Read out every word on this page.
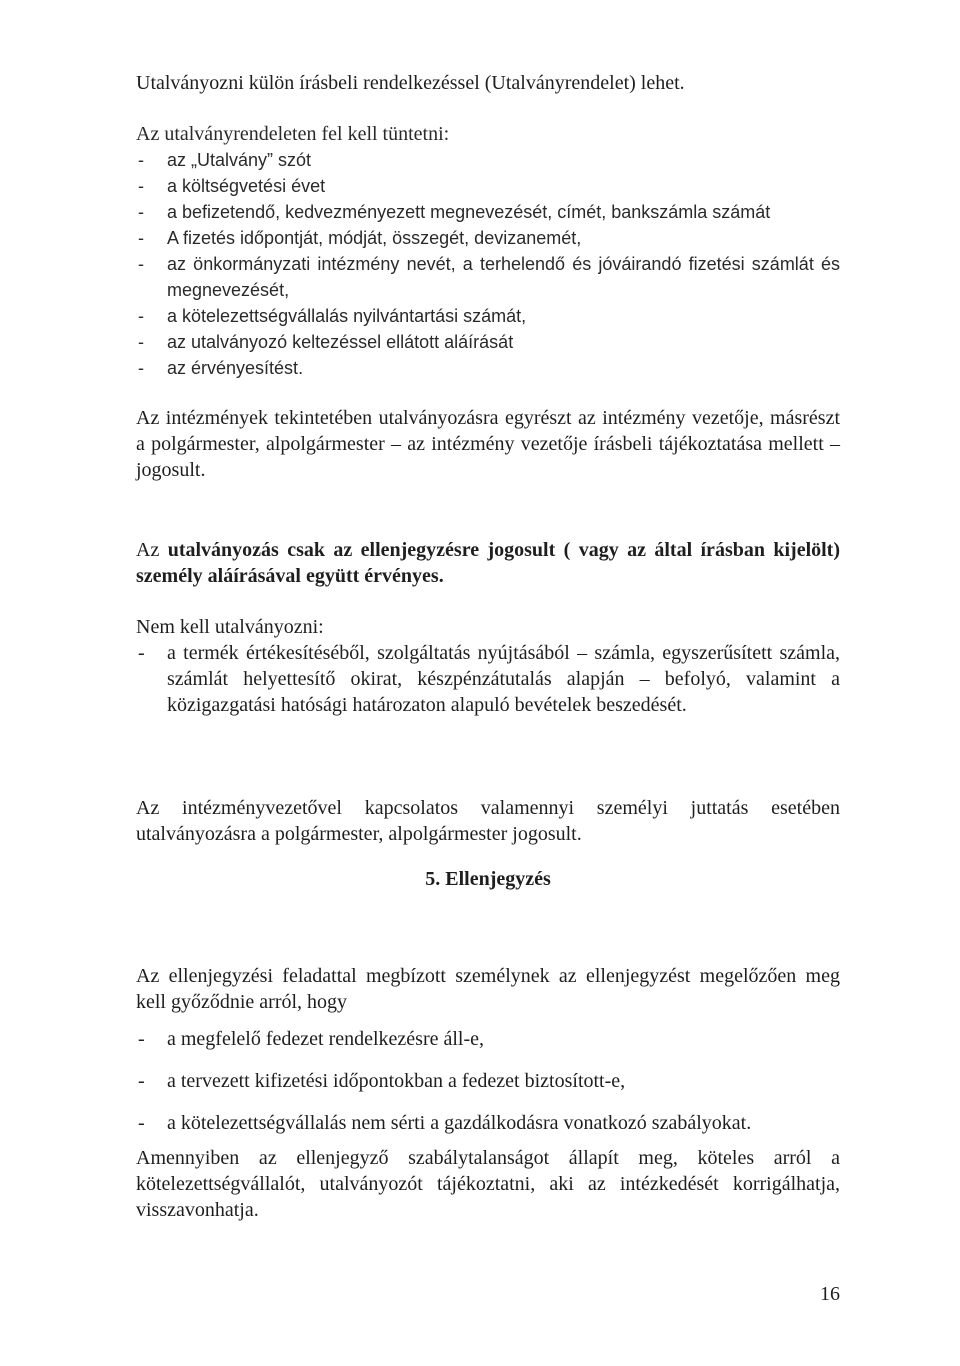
Utalványozni külön írásbeli rendelkezéssel (Utalványrendelet) lehet.

Az utalványrendeleten fel kell tüntetni:
- az „Utalvány” szót
- a költségvetési évet
- a befizetendő, kedvezményezett megnevezését, címét, bankszámla számát
- A fizetés időpontját, módját, összegét, devizanemét,
- az önkormányzati intézmény nevét, a terhelendő és jóváirandó fizetési számlát és megnevezését,
- a kötelezettségvállalás nyilvántartási számát,
- az utalványozó keltezéssel ellátott aláírását
- az érvényesítést.

Az intézmények tekintetében utalványozásra egyrészt az intézmény vezetője, másrészt a polgármester, alpolgármester – az intézmény vezetője írásbeli tájékoztatása mellett – jogosult.

Az utalványozás csak az ellenjegyzésre jogosult ( vagy az által írásban kijelölt) személy aláírásával együtt érvényes.

Nem kell utalványozni:
- a termék értékesítéséből, szolgáltatás nyújtásából – számla, egyszerűsített számla, számlát helyettesítő okirat, készpénzátutalás alapján – befolyó, valamint a közigazgatási hatósági határozaton alapuló bevételek beszedését.

Az intézményvezetővel kapcsolatos valamennyi személyi juttatás esetében utalványozásra a polgármester, alpolgármester jogosult.

5. Ellenjegyzés

Az ellenjegyzési feladattal megbízott személynek az ellenjegyzést megelőzően meg kell győződnie arról, hogy

- a megfelelő fedezet rendelkezésre áll-e,
- a tervezett kifizetési időpontokban a fedezet biztosított-e,
- a kötelezettségvállalás nem sérti a gazdálkodásra vonatkozó szabályokat.

Amennyiben az ellenjegyző szabálytalanságot állapít meg, köteles arról a kötelezettségvállalót, utalványozót tájékoztatni, aki az intézkedését korrigálhatja, visszavonhatja.

16
